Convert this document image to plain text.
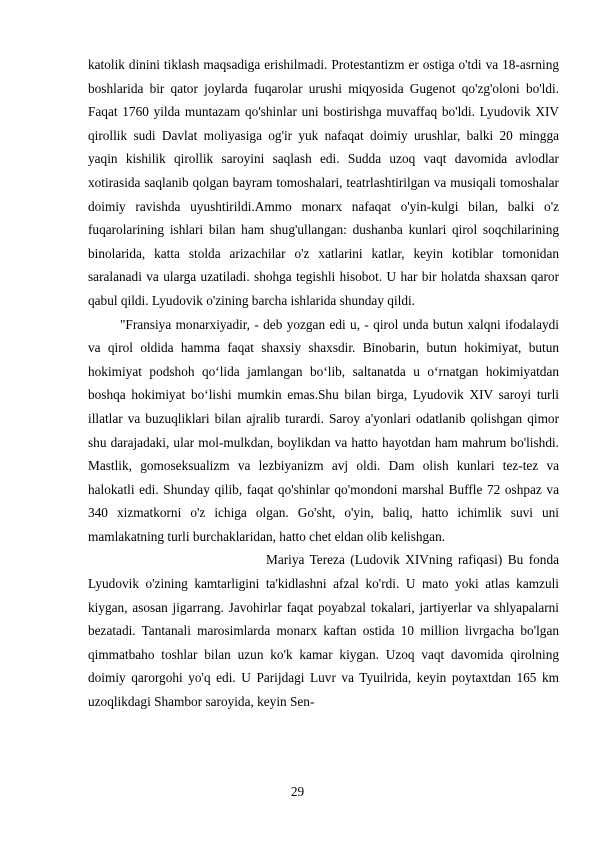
katolik dinini tiklash maqsadiga erishilmadi. Protestantizm er ostiga o'tdi va 18-asrning boshlarida bir qator joylarda fuqarolar urushi miqyosida Gugenot qo'zg'oloni bo'ldi. Faqat 1760 yilda muntazam qo'shinlar uni bostirishga muvaffaq bo'ldi. Lyudovik XIV qirollik sudi Davlat moliyasiga og'ir yuk nafaqat doimiy urushlar, balki 20 mingga yaqin kishilik qirollik saroyini saqlash edi. Sudda uzoq vaqt davomida avlodlar xotirasida saqlanib qolgan bayram tomoshalari, teatrlashtirilgan va musiqali tomoshalar doimiy ravishda uyushtirildi.Ammo monarx nafaqat o'yin-kulgi bilan, balki o'z fuqarolarining ishlari bilan ham shug'ullangan: dushanba kunlari qirol soqchilarining binolarida, katta stolda arizachilar o'z xatlarini katlar, keyin kotiblar tomonidan saralanadi va ularga uzatiladi. shohga tegishli hisobot. U har bir holatda shaxsan qaror qabul qildi. Lyudovik o'zining barcha ishlarida shunday qildi.

"Fransiya monarxiyadir, - deb yozgan edi u, - qirol unda butun xalqni ifodalaydi va qirol oldida hamma faqat shaxsiy shaxsdir. Binobarin, butun hokimiyat, butun hokimiyat podshoh qo‘lida jamlangan bo‘lib, saltanatda u o‘rnatgan hokimiyatdan boshqa hokimiyat bo‘lishi mumkin emas.Shu bilan birga, Lyudovik XIV saroyi turli illatlar va buzuqliklari bilan ajralib turardi. Saroy a'yonlari odatlanib qolishgan qimor shu darajadaki, ular mol-mulkdan, boylikdan va hatto hayotdan ham mahrum bo'lishdi. Mastlik, gomoseksualizm va lezbiyanizm avj oldi. Dam olish kunlari tez-tez va halokatli edi. Shunday qilib, faqat qo'shinlar qo'mondoni marshal Buffle 72 oshpaz va 340 xizmatkorni o'z ichiga olgan. Go'sht, o'yin, baliq, hatto ichimlik suvi uni mamlakatning turli burchaklaridan, hatto chet eldan olib kelishgan.

Mariya Tereza (Ludovik XIVning rafiqasi) Bu fonda Lyudovik o'zining kamtarligini ta'kidlashni afzal ko'rdi. U mato yoki atlas kamzuli kiygan, asosan jigarrang. Javohirlar faqat poyabzal tokalari, jartiyerlar va shlyapalarni bezatadi. Tantanali marosimlarda monarx kaftan ostida 10 million livrgacha bo'lgan qimmatbaho toshlar bilan uzun ko'k kamar kiygan. Uzoq vaqt davomida qirolning doimiy qarorgohi yo'q edi. U Parijdagi Luvr va Tyuilrida, keyin poytaxtdan 165 km uzoqlikdagi Shambor saroyida, keyin Sen-

29
